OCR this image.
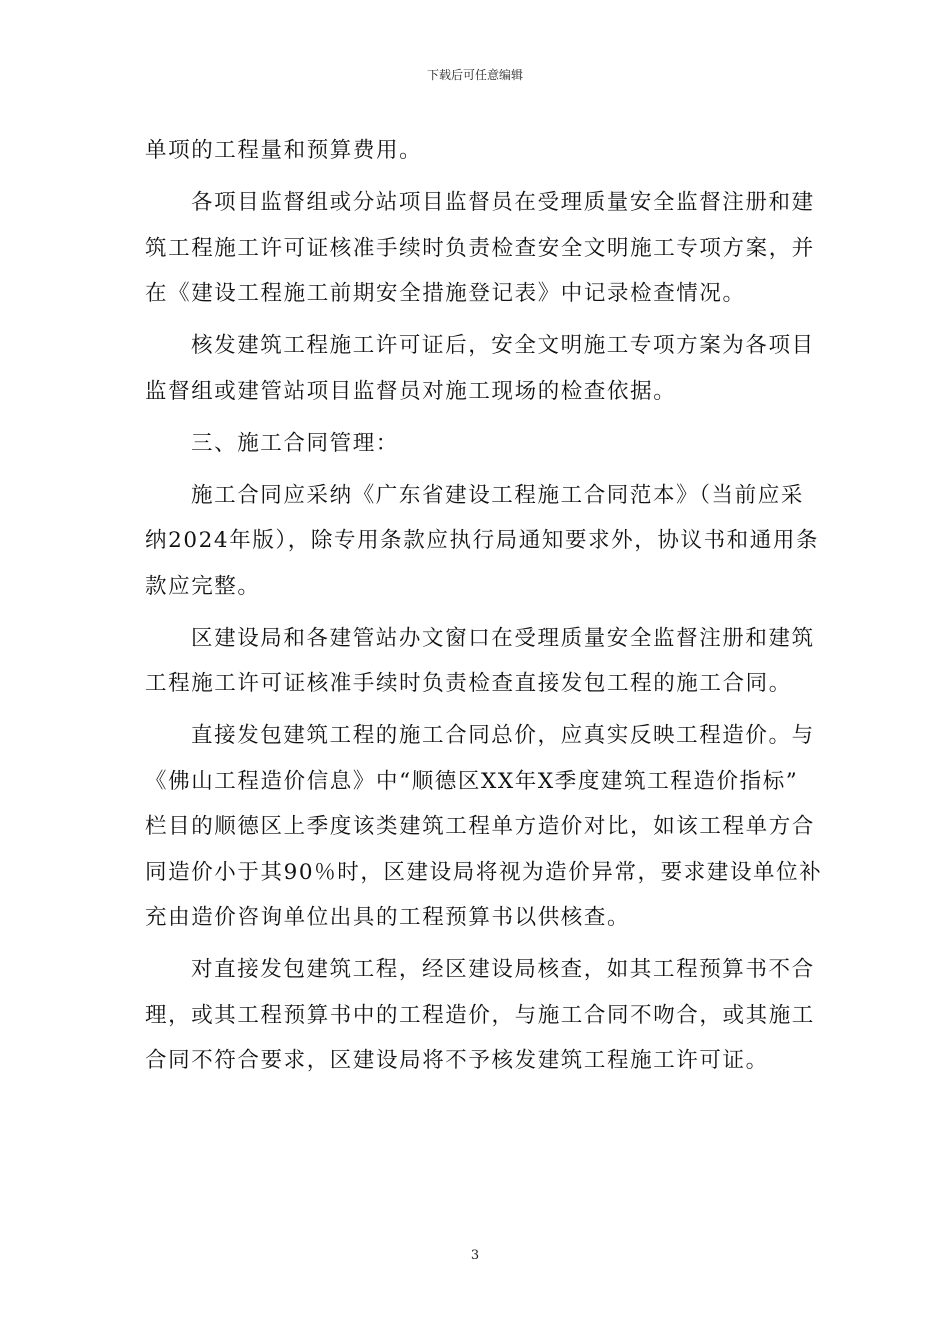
下载后可任意编辑

单项的工程量和预算费用。

各项目监督组或分站项目监督员在受理质量安全监督注册和建
筑工程施工许可证核准手续时负责检查安全文明施工专项方案，并
在《建设工程施工前期安全措施登记表》中记录检查情况。

核发建筑工程施工许可证后，安全文明施工专项方案为各项目
监督组或建管站项目监督员对施工现场的检查依据。

三、施工合同管理：

施工合同应采纳《广东省建设工程施工合同范本》（当前应采
纳2024年版），除专用条款应执行局通知要求外，协议书和通用条
款应完整。

区建设局和各建管站办文窗口在受理质量安全监督注册和建筑
工程施工许可证核准手续时负责检查直接发包工程的施工合同。

直接发包建筑工程的施工合同总价，应真实反映工程造价。与
《佛山工程造价信息》中“顺德区XX年X季度建筑工程造价指标”
栏目的顺德区上季度该类建筑工程单方造价对比，如该工程单方合
同造价小于其90％时，区建设局将视为造价异常，要求建设单位补
充由造价咨询单位出具的工程预算书以供核查。

对直接发包建筑工程，经区建设局核查，如其工程预算书不合
理，或其工程预算书中的工程造价，与施工合同不吻合，或其施工
合同不符合要求，区建设局将不予核发建筑工程施工许可证。

3
